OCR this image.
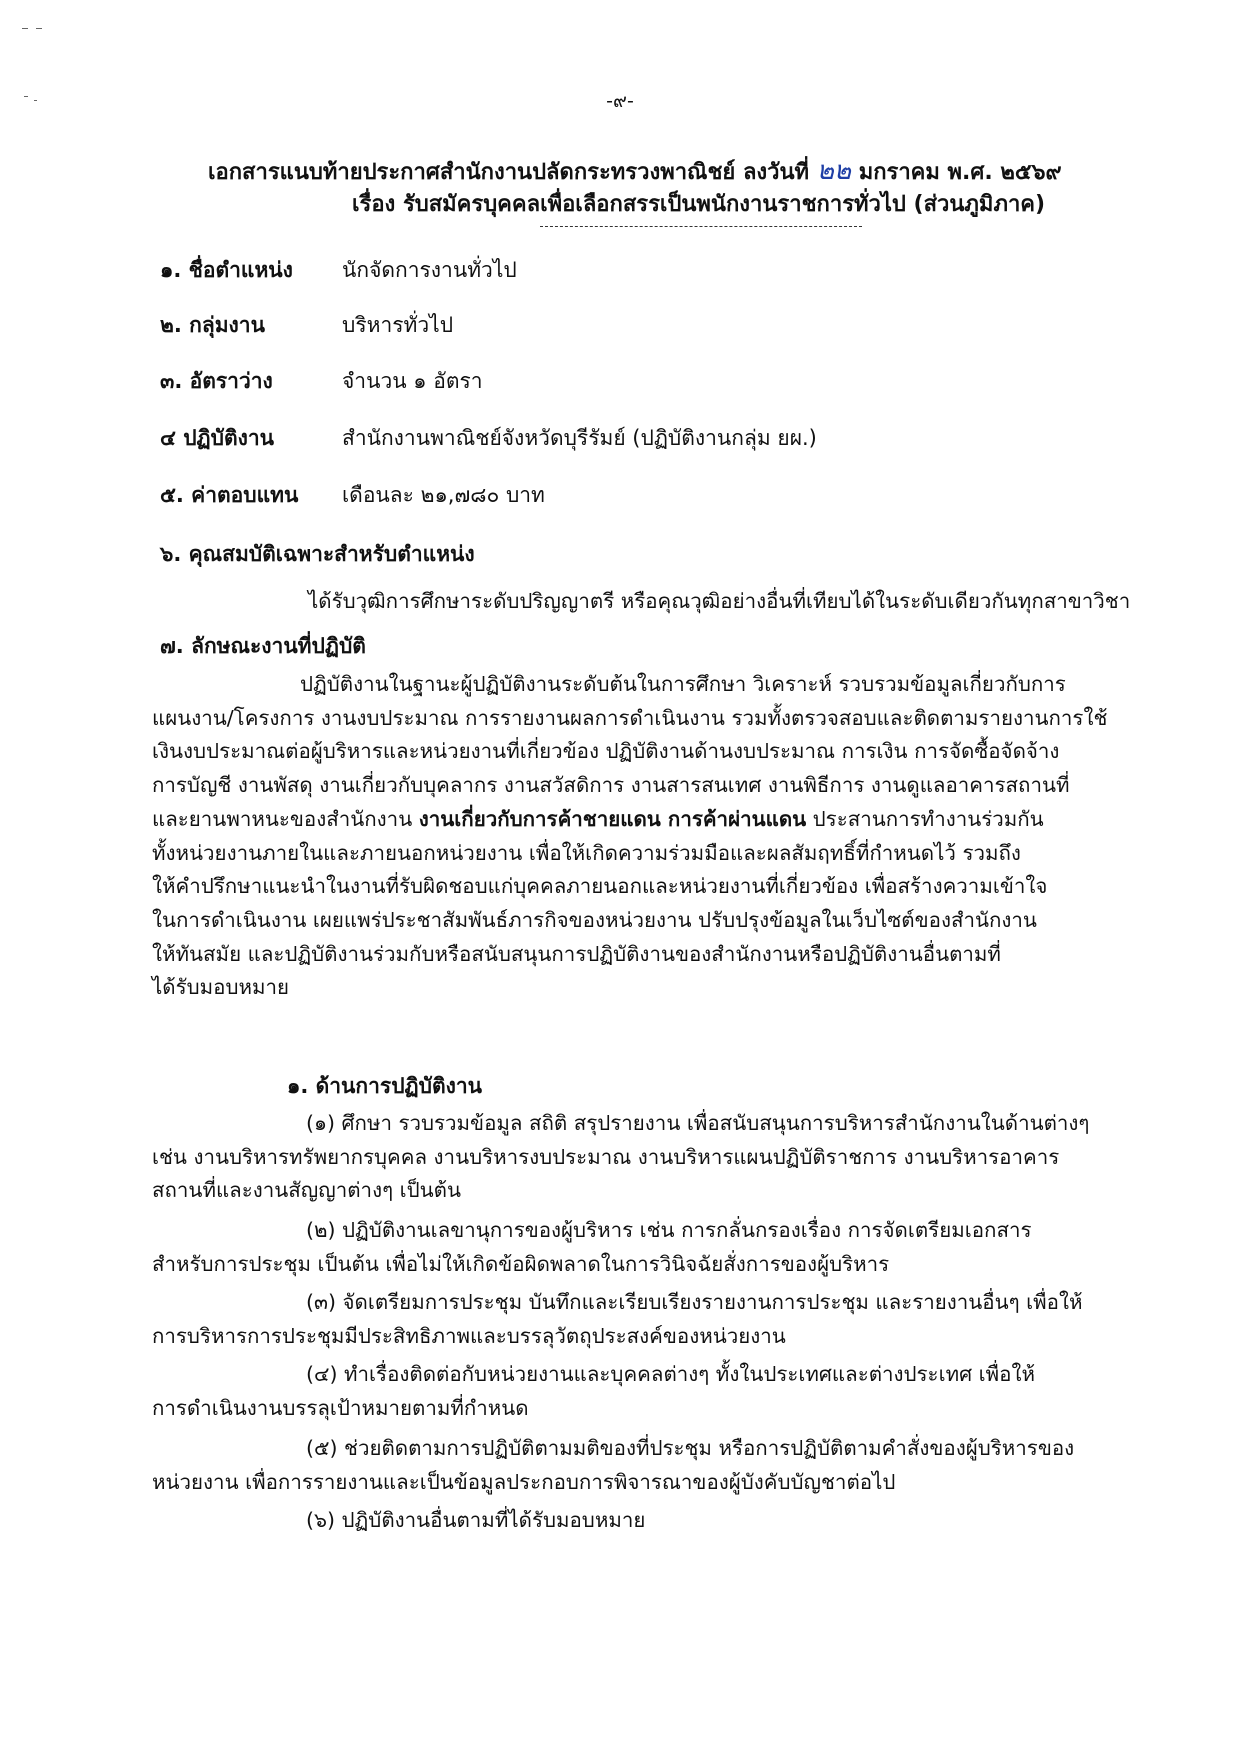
-๙-
เอกสารแนบท้ายประกาศสำนักงานปลัดกระทรวงพาณิชย์ ลงวันที่ ๒๒ มกราคม พ.ศ. ๒๕๖๙
เรื่อง รับสมัครบุคคลเพื่อเลือกสรรเป็นพนักงานราชการทั่วไป (ส่วนภูมิภาค)
๑. ชื่อตำแหน่ง นักจัดการงานทั่วไป
๒. กลุ่มงาน	บริหารทั่วไป
๓. อัตราว่าง	จำนวน ๑ อัตรา
๔ ปฏิบัติงาน	สำนักงานพาณิชย์จังหวัดบุรีรัมย์ (ปฏิบัติงานกลุ่ม ยผ.)
๕. ค่าตอบแทน เดือนละ ๒๑,๗๘๐ บาท
๖. คุณสมบัติเฉพาะสำหรับตำแหน่ง
ได้รับวุฒิการศึกษาระดับปริญญาตรี หรือคุณวุฒิอย่างอื่นที่เทียบได้ในระดับเดียวกันทุกสาขาวิชา
๗. ลักษณะงานที่ปฏิบัติ
ปฏิบัติงานในฐานะผู้ปฏิบัติงานระดับต้นในการศึกษา วิเคราะห์ รวบรวมข้อมูลเกี่ยวกับการ
แผนงาน/โครงการ งานงบประมาณ การรายงานผลการดำเนินงาน รวมทั้งตรวจสอบและติดตามรายงานการใช้
เงินงบประมาณต่อผู้บริหารและหน่วยงานที่เกี่ยวข้อง ปฏิบัติงานด้านงบประมาณ การเงิน การจัดซื้อจัดจ้าง
การบัญชี งานพัสดุ งานเกี่ยวกับบุคลากร งานสวัสดิการ งานสารสนเทศ งานพิธีการ งานดูแลอาคารสถานที่
และยานพาหนะของสำนักงาน งานเกี่ยวกับการค้าชายแดน การค้าผ่านแดน ประสานการทำงานร่วมกัน
ทั้งหน่วยงานภายในและภายนอกหน่วยงาน เพื่อให้เกิดความร่วมมือและผลสัมฤทธิ์ที่กำหนดไว้ รวมถึง
ให้คำปรึกษาแนะนำในงานที่รับผิดชอบแก่บุคคลภายนอกและหน่วยงานที่เกี่ยวข้อง เพื่อสร้างความเข้าใจ
ในการดำเนินงาน เผยแพร่ประชาสัมพันธ์ภารกิจของหน่วยงาน ปรับปรุงข้อมูลในเว็บไซต์ของสำนักงาน
ให้ทันสมัย และปฏิบัติงานร่วมกับหรือสนับสนุนการปฏิบัติงานของสำนักงานหรือปฏิบัติงานอื่นตามที่
ได้รับมอบหมาย
๑. ด้านการปฏิบัติงาน
(๑) ศึกษา รวบรวมข้อมูล สถิติ สรุปรายงาน เพื่อสนับสนุนการบริหารสำนักงานในด้านต่างๆ
เช่น งานบริหารทรัพยากรบุคคล งานบริหารงบประมาณ งานบริหารแผนปฏิบัติราชการ งานบริหารอาคาร
สถานที่และงานสัญญาต่างๆ เป็นต้น
(๒) ปฏิบัติงานเลขานุการของผู้บริหาร เช่น การกลั่นกรองเรื่อง การจัดเตรียมเอกสาร
สำหรับการประชุม เป็นต้น เพื่อไม่ให้เกิดข้อผิดพลาดในการวินิจฉัยสั่งการของผู้บริหาร
(๓) จัดเตรียมการประชุม บันทึกและเรียบเรียงรายงานการประชุม และรายงานอื่นๆ เพื่อให้
การบริหารการประชุมมีประสิทธิภาพและบรรลุวัตถุประสงค์ของหน่วยงาน
(๔) ทำเรื่องติดต่อกับหน่วยงานและบุคคลต่างๆ ทั้งในประเทศและต่างประเทศ เพื่อให้
การดำเนินงานบรรลุเป้าหมายตามที่กำหนด
(๕) ช่วยติดตามการปฏิบัติตามมติของที่ประชุม หรือการปฏิบัติตามคำสั่งของผู้บริหารของ
หน่วยงาน เพื่อการรายงานและเป็นข้อมูลประกอบการพิจารณาของผู้บังคับบัญชาต่อไป
(๖) ปฏิบัติงานอื่นตามที่ได้รับมอบหมาย
